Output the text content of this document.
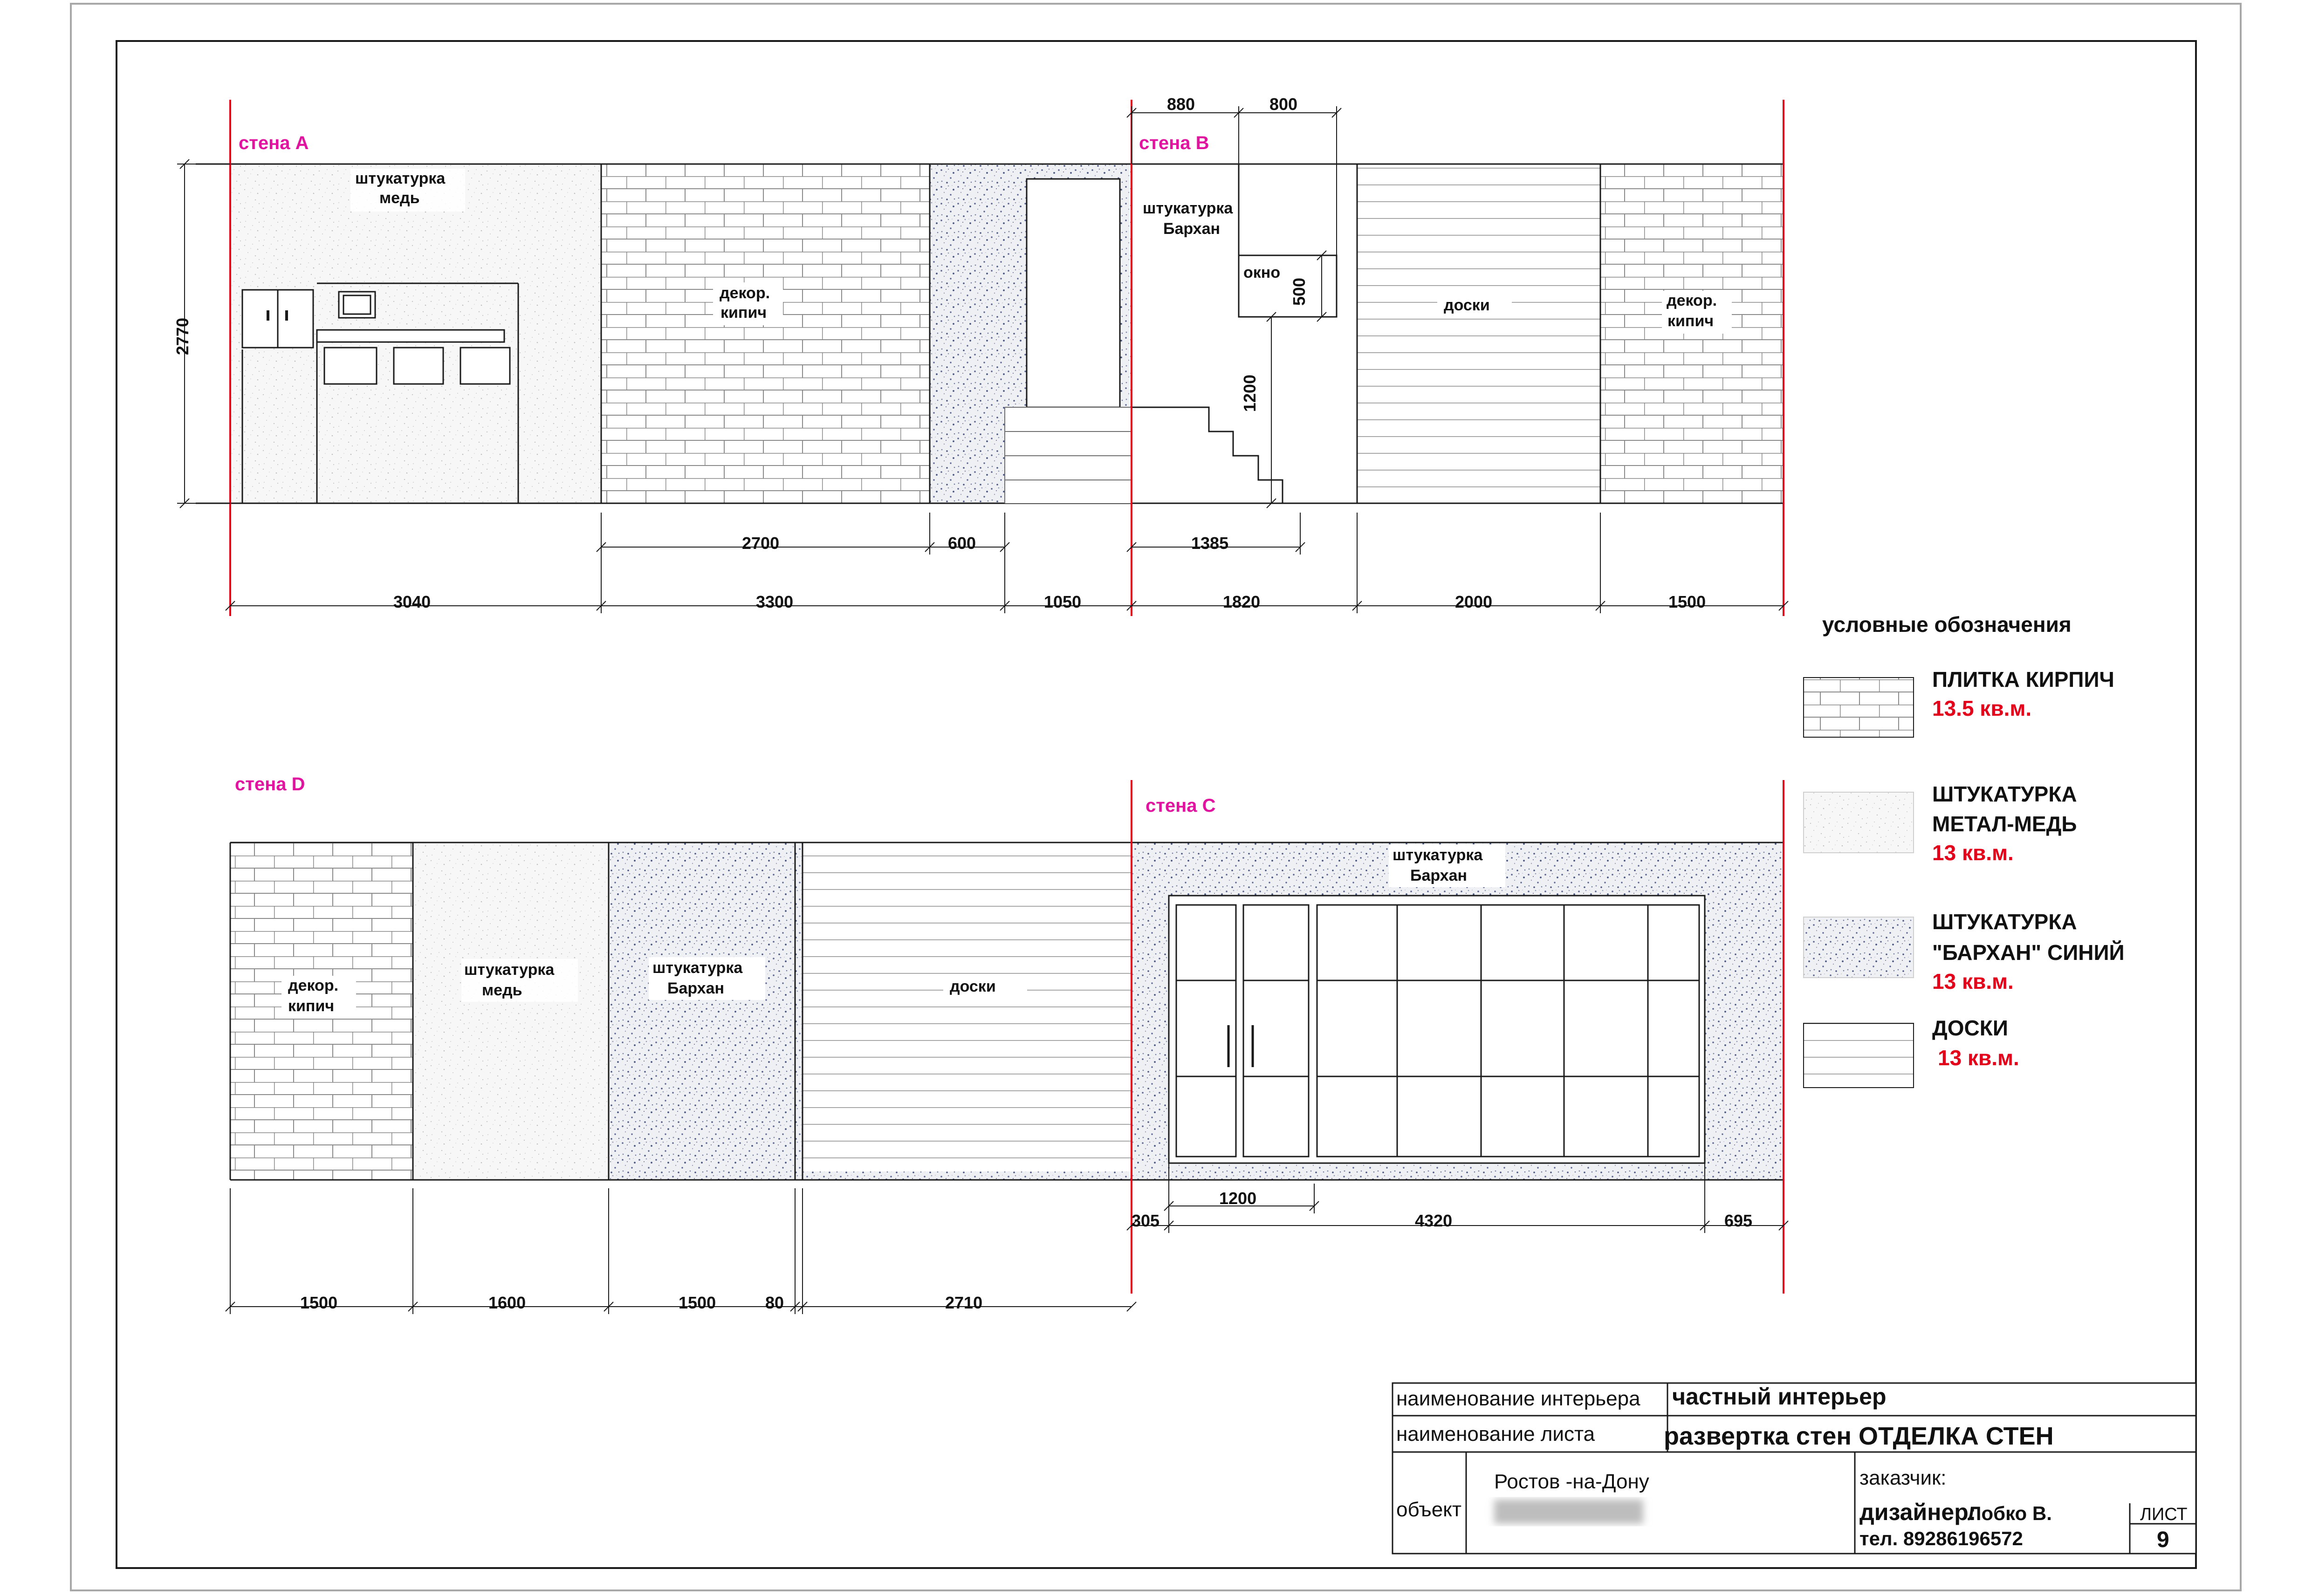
стена А	стена В
стена D
стена С
штукатурка
медь
декор.
кипич
штукатурка
Бархан
окно
доски	декор.
кипич
декор.
кипич
штукатурка
медь
штукатурка
Бархан	доски
штукатурка
Бархан
2770
880	800
500
1200
2700	600	1385
3040	3300	1050	1820	2000	1500
1200
305	4320	695
1500	1600	1500	80	2710
условные обозначения
ПЛИТКА КИРПИЧ
13.5 кв.м.
ШТУКАТУРКА
МЕТАЛ-МЕДЬ
13 кв.м.
ШТУКАТУРКА
"БАРХАН" СИНИЙ
13 кв.м.
ДОСКИ
13 кв.м.
наименование интерьера частный интерьер
наименование листа	развертка стен ОТДЕЛКА СТЕН
объект
Ростов -на-Дону	заказчик:
дизайнер:
Лобко В.
тел. 89286196572
ЛИСТ
9
